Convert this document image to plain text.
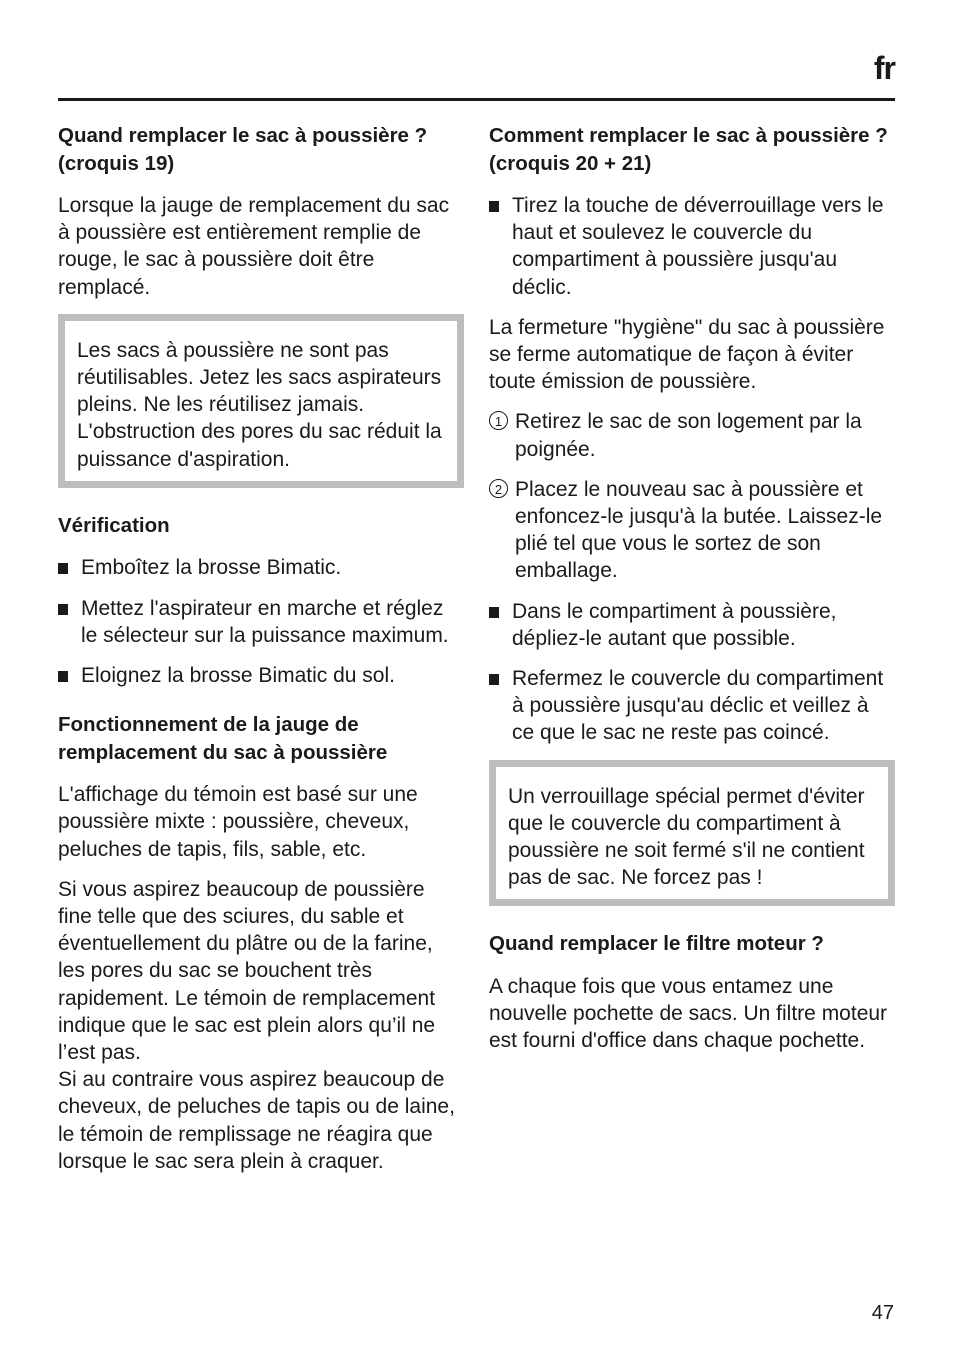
fr
Quand remplacer le sac à poussière ? (croquis 19)

Lorsque la jauge de remplacement du sac à poussière est entièrement remplie de rouge, le sac à poussière doit être remplacé.

Les sacs à poussière ne sont pas réutilisables. Jetez les sacs aspirateurs pleins. Ne les réutilisez jamais. L'obstruction des pores du sac réduit la puissance d'aspiration.

Vérification
Emboîtez la brosse Bimatic.
Mettez l'aspirateur en marche et réglez le sélecteur sur la puissance maximum.
Eloignez la brosse Bimatic du sol.
Fonctionnement de la jauge de remplacement du sac à poussière

L'affichage du témoin est basé sur une poussière mixte : poussière, cheveux, peluches de tapis, fils, sable, etc.

Si vous aspirez beaucoup de poussière fine telle que des sciures, du sable et éventuellement du plâtre ou de la farine, les pores du sac se bouchent très rapidement. Le témoin de remplacement indique que le sac est plein alors qu’il ne l’est pas.

Si au contraire vous aspirez beaucoup de cheveux, de peluches de tapis ou de laine, le témoin de remplissage ne réagira que lorsque le sac sera plein à craquer.

Comment remplacer le sac à poussière ? (croquis 20 + 21)
Tirez la touche de déverrouillage vers le haut et soulevez le couvercle du compartiment à poussière jusqu'au déclic.

La fermeture "hygiène" du sac à poussière se ferme automatique de façon à éviter toute émission de poussière.

1 Retirez le sac de son logement par la poignée.
2 Placez le nouveau sac à poussière et enfoncez-le jusqu'à la butée. Laissez-le plié tel que vous le sortez de son emballage.
Dans le compartiment à poussière, dépliez-le autant que possible.
Refermez le couvercle du compartiment à poussière jusqu'au déclic et veillez à ce que le sac ne reste pas coincé.

Un verrouillage spécial permet d'éviter que le couvercle du compartiment à poussière ne soit fermé s'il ne contient pas de sac. Ne forcez pas !

Quand remplacer le filtre moteur ?

A chaque fois que vous entamez une nouvelle pochette de sacs. Un filtre moteur est fourni d'office dans chaque pochette.

47
